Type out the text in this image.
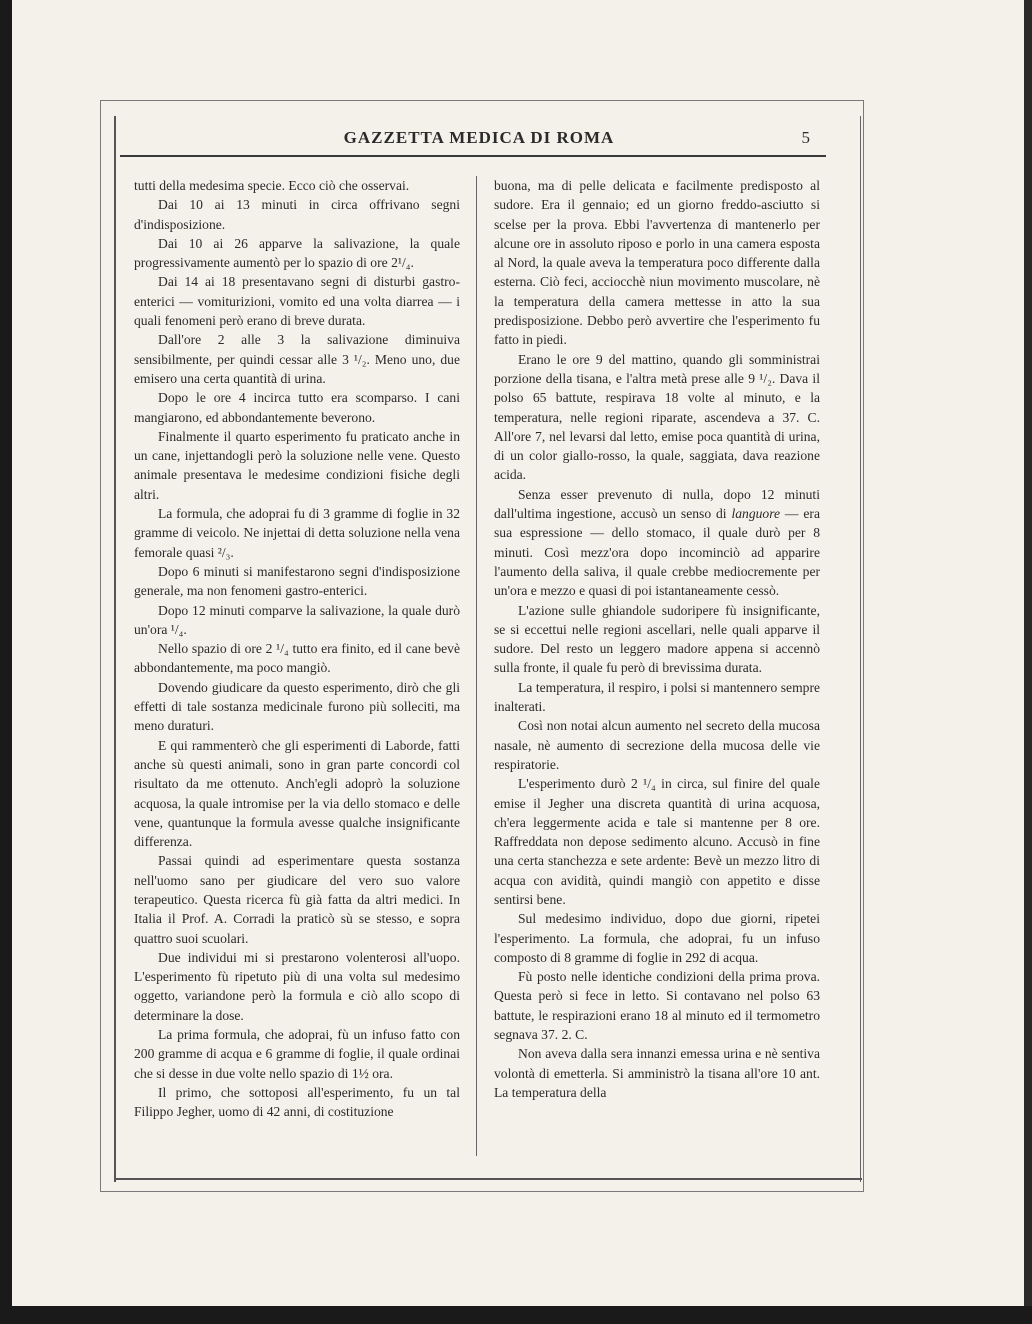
GAZZETTA MEDICA DI ROMA	5

tutti della medesima specie. Ecco ciò che osservai.

Dai 10 ai 13 minuti in circa offrivano segni d'indisposizione.

Dai 10 ai 26 apparve la salivazione, la quale progressivamente aumentò per lo spazio di ore 2¹/₄.

Dai 14 ai 18 presentavano segni di disturbi gastro-enterici — vomiturizioni, vomito ed una volta diarrea — i quali fenomeni però erano di breve durata.

Dall'ore 2 alle 3 la salivazione diminuiva sensibilmente, per quindi cessar alle 3 ¹/₂. Meno uno, due emisero una certa quantità di urina.

Dopo le ore 4 incirca tutto era scomparso. I cani mangiarono, ed abbondantemente beverono.

Finalmente il quarto esperimento fu praticato anche in un cane, injettandogli però la soluzione nelle vene. Questo animale presentava le medesime condizioni fisiche degli altri.

La formula, che adoprai fu di 3 gramme di foglie in 32 gramme di veicolo. Ne injettai di detta soluzione nella vena femorale quasi ²/₃.

Dopo 6 minuti si manifestarono segni d'indisposizione generale, ma non fenomeni gastro-enterici.

Dopo 12 minuti comparve la salivazione, la quale durò un'ora ¹/₄.

Nello spazio di ore 2 ¹/₄ tutto era finito, ed il cane bevè abbondantemente, ma poco mangiò.

Dovendo giudicare da questo esperimento, dirò che gli effetti di tale sostanza medicinale furono più solleciti, ma meno duraturi.

E qui rammenterò che gli esperimenti di Laborde, fatti anche sù questi animali, sono in gran parte concordi col risultato da me ottenuto. Anch'egli adoprò la soluzione acquosa, la quale intromise per la via dello stomaco e delle vene, quantunque la formula avesse qualche insignificante differenza.

Passai quindi ad esperimentare questa sostanza nell'uomo sano per giudicare del vero suo valore terapeutico. Questa ricerca fù già fatta da altri medici. In Italia il Prof. A. Corradi la praticò sù se stesso, e sopra quattro suoi scuolari.

Due individui mi si prestarono volenterosi all'uopo. L'esperimento fù ripetuto più di una volta sul medesimo oggetto, variandone però la formula e ciò allo scopo di determinare la dose.

La prima formula, che adoprai, fù un infuso fatto con 200 gramme di acqua e 6 gramme di foglie, il quale ordinai che si desse in due volte nello spazio di 1½ ora.

Il primo, che sottoposi all'esperimento, fu un tal Filippo Jegher, uomo di 42 anni, di costituzione

buona, ma di pelle delicata e facilmente predisposto al sudore. Era il gennaio; ed un giorno freddo-asciutto si scelse per la prova. Ebbi l'avvertenza di mantenerlo per alcune ore in assoluto riposo e porlo in una camera esposta al Nord, la quale aveva la temperatura poco differente dalla esterna. Ciò feci, acciocchè niun movimento muscolare, nè la temperatura della camera mettesse in atto la sua predisposizione. Debbo però avvertire che l'esperimento fu fatto in piedi.

Erano le ore 9 del mattino, quando gli somministrai porzione della tisana, e l'altra metà prese alle 9 ¹/₂. Dava il polso 65 battute, respirava 18 volte al minuto, e la temperatura, nelle regioni riparate, ascendeva a 37. C. All'ore 7, nel levarsi dal letto, emise poca quantità di urina, di un color giallo-rosso, la quale, saggiata, dava reazione acida.

Senza esser prevenuto di nulla, dopo 12 minuti dall'ultima ingestione, accusò un senso di languore — era sua espressione — dello stomaco, il quale durò per 8 minuti. Così mezz'ora dopo incominciò ad apparire l'aumento della saliva, il quale crebbe mediocremente per un'ora e mezzo e quasi di poi istantaneamente cessò.

L'azione sulle ghiandole sudoripere fù insignificante, se si eccettui nelle regioni ascellari, nelle quali apparve il sudore. Del resto un leggero madore appena si accennò sulla fronte, il quale fu però di brevissima durata.

La temperatura, il respiro, i polsi si mantennero sempre inalterati.

Così non notai alcun aumento nel secreto della mucosa nasale, nè aumento di secrezione della mucosa delle vie respiratorie.

L'esperimento durò 2 ¹/₄ in circa, sul finire del quale emise il Jegher una discreta quantità di urina acquosa, ch'era leggermente acida e tale si mantenne per 8 ore. Raffreddata non depose sedimento alcuno. Accusò in fine una certa stanchezza e sete ardente: Bevè un mezzo litro di acqua con avidità, quindi mangiò con appetito e disse sentirsi bene.

Sul medesimo individuo, dopo due giorni, ripetei l'esperimento. La formula, che adoprai, fu un infuso composto di 8 gramme di foglie in 292 di acqua.

Fù posto nelle identiche condizioni della prima prova. Questa però si fece in letto. Si contavano nel polso 63 battute, le respirazioni erano 18 al minuto ed il termometro segnava 37. 2. C.

Non aveva dalla sera innanzi emessa urina e nè sentiva volontà di emetterla. Si amministrò la tisana all'ore 10 ant. La temperatura della
